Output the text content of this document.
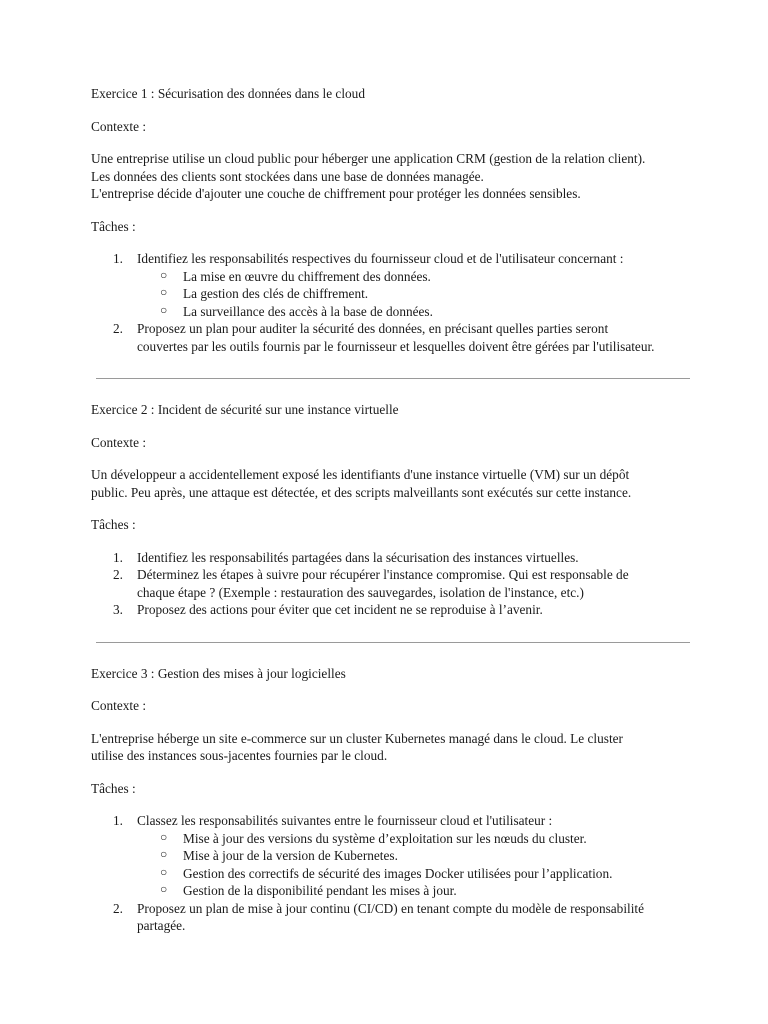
Exercice 1 : Sécurisation des données dans le cloud

Contexte :

Une entreprise utilise un cloud public pour héberger une application CRM (gestion de la relation client).
Les données des clients sont stockées dans une base de données managée.
L'entreprise décide d'ajouter une couche de chiffrement pour protéger les données sensibles.

Tâches :

1.	Identifiez les responsabilités respectives du fournisseur cloud et de l'utilisateur concernant :
○ La mise en œuvre du chiffrement des données.
○ La gestion des clés de chiffrement.
○ La surveillance des accès à la base de données.
2.	Proposez un plan pour auditer la sécurité des données, en précisant quelles parties seront
couvertes par les outils fournis par le fournisseur et lesquelles doivent être gérées par l'utilisateur.

Exercice 2 : Incident de sécurité sur une instance virtuelle

Contexte :

Un développeur a accidentellement exposé les identifiants d'une instance virtuelle (VM) sur un dépôt
public. Peu après, une attaque est détectée, et des scripts malveillants sont exécutés sur cette instance.

Tâches :

1.	Identifiez les responsabilités partagées dans la sécurisation des instances virtuelles.
2.	Déterminez les étapes à suivre pour récupérer l'instance compromise. Qui est responsable de
chaque étape ? (Exemple : restauration des sauvegardes, isolation de l'instance, etc.)
3.	Proposez des actions pour éviter que cet incident ne se reproduise à l’avenir.

Exercice 3 : Gestion des mises à jour logicielles

Contexte :

L'entreprise héberge un site e-commerce sur un cluster Kubernetes managé dans le cloud. Le cluster
utilise des instances sous-jacentes fournies par le cloud.

Tâches :

1.	Classez les responsabilités suivantes entre le fournisseur cloud et l'utilisateur :
○ Mise à jour des versions du système d’exploitation sur les nœuds du cluster.
○ Mise à jour de la version de Kubernetes.
○ Gestion des correctifs de sécurité des images Docker utilisées pour l’application.
○ Gestion de la disponibilité pendant les mises à jour.
2.	Proposez un plan de mise à jour continu (CI/CD) en tenant compte du modèle de responsabilité
partagée.
